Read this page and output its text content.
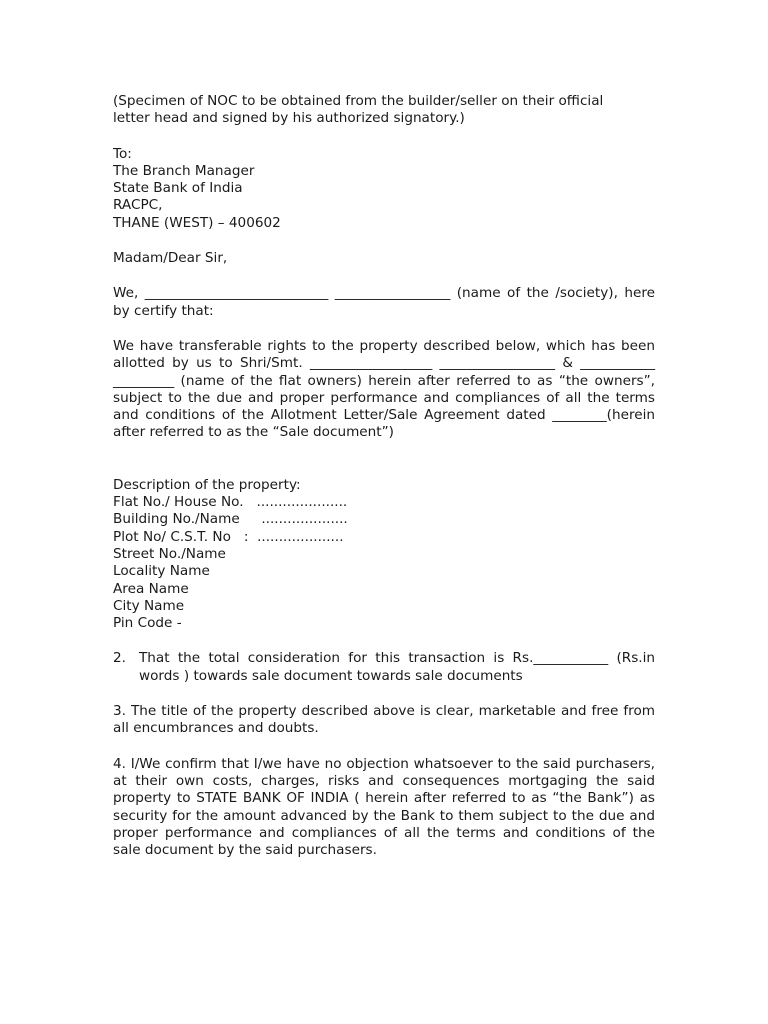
(Specimen of NOC to be obtained from the builder/seller on their official
letter head and signed by his authorized signatory.)

To:
The Branch Manager
State Bank of India
RACPC,
THANE (WEST) – 400602

Madam/Dear Sir,

We, ___________________________ _________________ (name of the /society), here by certify that:

We have transferable rights to the property described below, which has been allotted by us to Shri/Smt. __________________ _________________ & ___________ _________ (name of the flat owners) herein after referred to as “the owners”, subject to the due and proper performance and compliances of all the terms and conditions of the Allotment Letter/Sale Agreement dated ________(herein after referred to as the “Sale document”)

Description of the property:

Flat No./ House No.   .....................

Building No./Name     ....................

Plot No/ C.S.T. No   :  ....................

Street No./Name

Locality Name

Area Name

City Name

Pin Code -

2. That the total consideration for this transaction is Rs.___________ (Rs.in words ) towards sale document towards sale documents

3. The title of the property described above is clear, marketable and free from all encumbrances and doubts.

4. I/We confirm that I/we have no objection whatsoever to the said purchasers, at their own costs, charges, risks and consequences mortgaging the said property to STATE BANK OF INDIA ( herein after referred to as “the Bank”) as security for the amount advanced by the Bank to them subject to the due and proper performance and compliances of all the terms and conditions of the sale document by the said purchasers.
